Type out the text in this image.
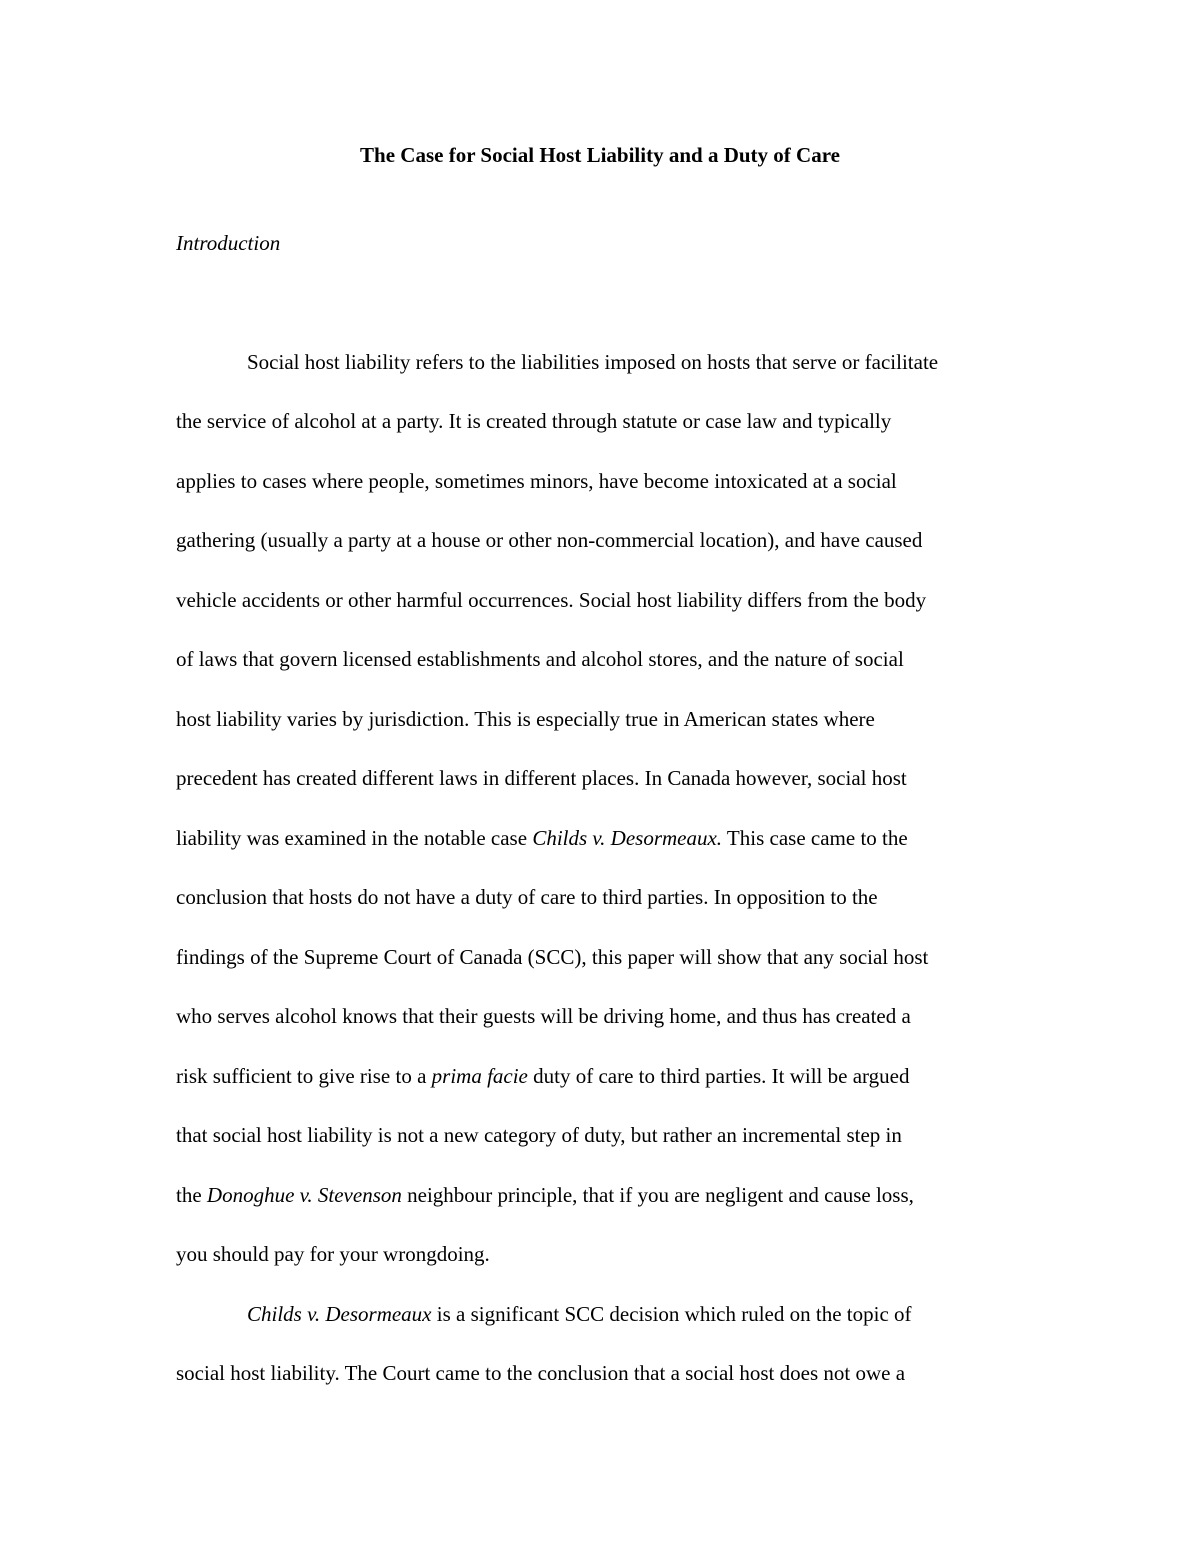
The Case for Social Host Liability and a Duty of Care
Introduction
Social host liability refers to the liabilities imposed on hosts that serve or facilitate
the service of alcohol at a party. It is created through statute or case law and typically
applies to cases where people, sometimes minors, have become intoxicated at a social
gathering (usually a party at a house or other non-commercial location), and have caused
vehicle accidents or other harmful occurrences. Social host liability differs from the body
of laws that govern licensed establishments and alcohol stores, and the nature of social
host liability varies by jurisdiction. This is especially true in American states where
precedent has created different laws in different places. In Canada however, social host
liability was examined in the notable case Childs v. Desormeaux. This case came to the
conclusion that hosts do not have a duty of care to third parties. In opposition to the
findings of the Supreme Court of Canada (SCC), this paper will show that any social host
who serves alcohol knows that their guests will be driving home, and thus has created a
risk sufficient to give rise to a prima facie duty of care to third parties. It will be argued
that social host liability is not a new category of duty, but rather an incremental step in
the Donoghue v. Stevenson neighbour principle, that if you are negligent and cause loss,
you should pay for your wrongdoing.
Childs v. Desormeaux is a significant SCC decision which ruled on the topic of
social host liability. The Court came to the conclusion that a social host does not owe a
